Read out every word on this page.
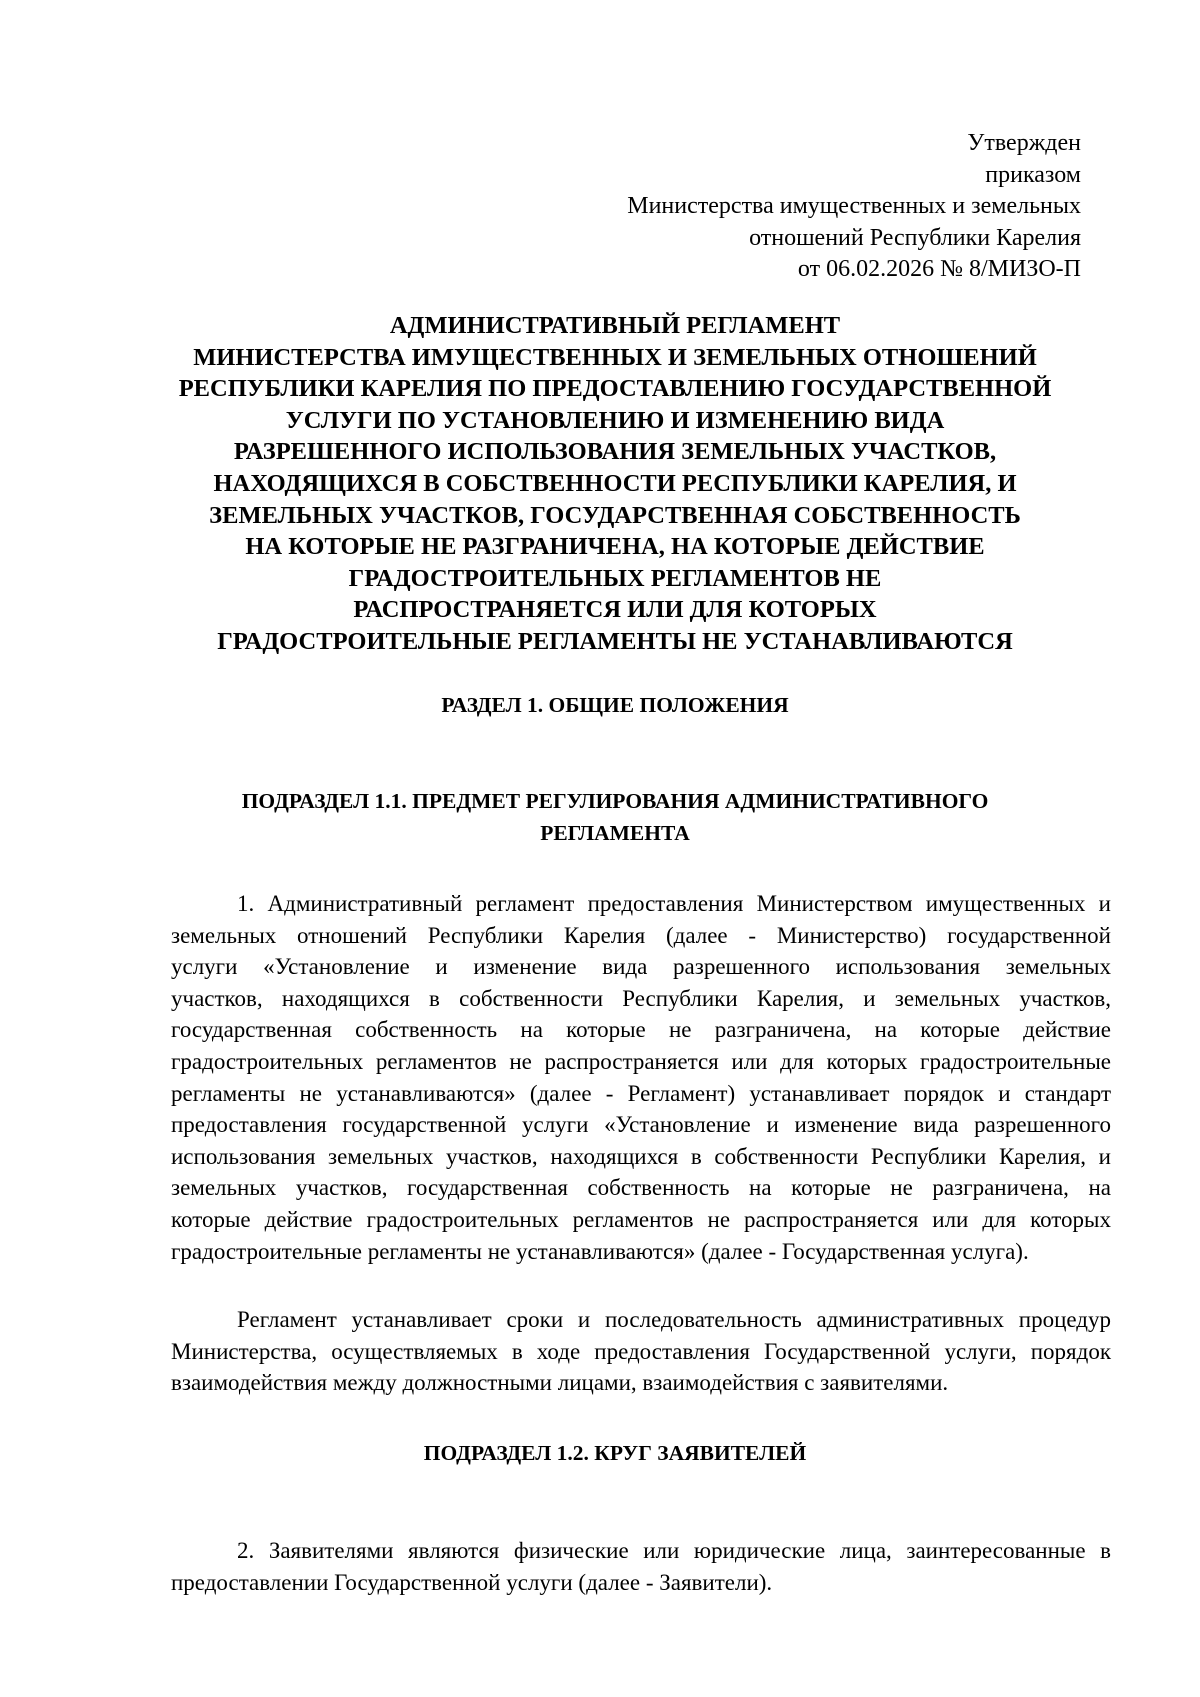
Утвержден
приказом
Министерства имущественных и земельных
отношений Республики Карелия
от 06.02.2026 № 8/МИЗО-П
АДМИНИСТРАТИВНЫЙ РЕГЛАМЕНТ
МИНИСТЕРСТВА ИМУЩЕСТВЕННЫХ И ЗЕМЕЛЬНЫХ ОТНОШЕНИЙ
РЕСПУБЛИКИ КАРЕЛИЯ ПО ПРЕДОСТАВЛЕНИЮ ГОСУДАРСТВЕННОЙ
УСЛУГИ ПО УСТАНОВЛЕНИЮ И ИЗМЕНЕНИЮ ВИДА
РАЗРЕШЕННОГО ИСПОЛЬЗОВАНИЯ ЗЕМЕЛЬНЫХ УЧАСТКОВ,
НАХОДЯЩИХСЯ В СОБСТВЕННОСТИ РЕСПУБЛИКИ КАРЕЛИЯ, И
ЗЕМЕЛЬНЫХ УЧАСТКОВ, ГОСУДАРСТВЕННАЯ СОБСТВЕННОСТЬ
НА КОТОРЫЕ НЕ РАЗГРАНИЧЕНА, НА КОТОРЫЕ ДЕЙСТВИЕ
ГРАДОСТРОИТЕЛЬНЫХ РЕГЛАМЕНТОВ НЕ
РАСПРОСТРАНЯЕТСЯ ИЛИ ДЛЯ КОТОРЫХ
ГРАДОСТРОИТЕЛЬНЫЕ РЕГЛАМЕНТЫ НЕ УСТАНАВЛИВАЮТСЯ
РАЗДЕЛ 1. ОБЩИЕ ПОЛОЖЕНИЯ
ПОДРАЗДЕЛ 1.1. ПРЕДМЕТ РЕГУЛИРОВАНИЯ АДМИНИСТРАТИВНОГО
РЕГЛАМЕНТА
1. Административный регламент предоставления Министерством имущественных и
земельных отношений Республики Карелия (далее - Министерство) государственной
услуги «Установление и изменение вида разрешенного использования земельных
участков, находящихся в собственности Республики Карелия, и земельных участков,
государственная собственность на которые не разграничена, на которые действие
градостроительных регламентов не распространяется или для которых градостроительные
регламенты не устанавливаются» (далее - Регламент) устанавливает порядок и стандарт
предоставления государственной услуги «Установление и изменение вида разрешенного
использования земельных участков, находящихся в собственности Республики Карелия, и
земельных участков, государственная собственность на которые не разграничена, на
которые действие градостроительных регламентов не распространяется или для которых
градостроительные регламенты не устанавливаются» (далее - Государственная услуга).
Регламент устанавливает сроки и последовательность административных процедур
Министерства, осуществляемых в ходе предоставления Государственной услуги, порядок
взаимодействия между должностными лицами, взаимодействия с заявителями.
ПОДРАЗДЕЛ 1.2. КРУГ ЗАЯВИТЕЛЕЙ
2. Заявителями являются физические или юридические лица, заинтересованные в
предоставлении Государственной услуги (далее - Заявители).
